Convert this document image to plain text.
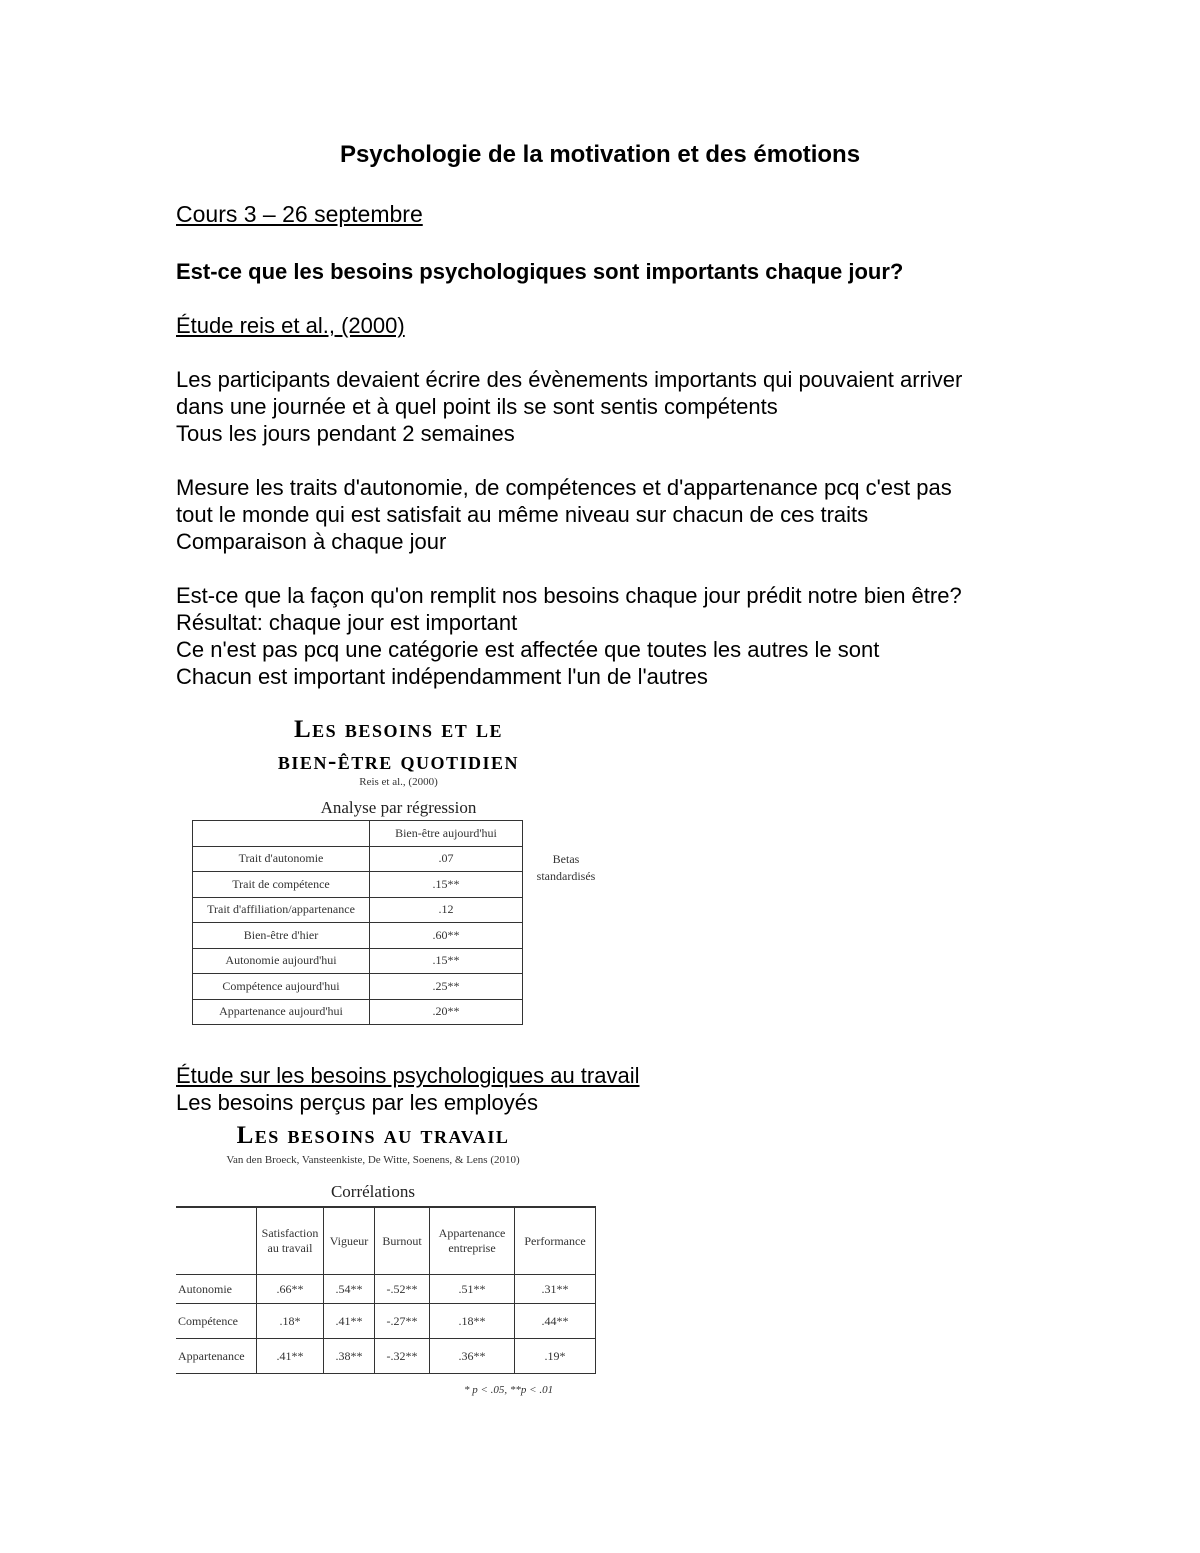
Psychologie de la motivation et des émotions
Cours 3 – 26 septembre
Est-ce que les besoins psychologiques sont importants chaque jour?
Étude reis et al., (2000)
Les participants devaient écrire des évènements importants qui pouvaient arriver
dans une journée et à quel point ils se sont sentis compétents
Tous les jours pendant 2 semaines
Mesure les traits d'autonomie, de compétences et d'appartenance pcq c'est pas
tout le monde qui est satisfait au même niveau sur chacun de ces traits
Comparaison à chaque jour
Est-ce que la façon qu'on remplit nos besoins chaque jour prédit notre bien être?
Résultat: chaque jour est important
Ce n'est pas pcq une catégorie est affectée que toutes les autres le sont
Chacun est important indépendamment l'un de l'autres
Les besoins et le
bien-être quotidien
Reis et al., (2000)
Analyse par régression
	Bien-être aujourd'hui
Trait d'autonomie	.07
Trait de compétence	.15**
Trait d'affiliation/appartenance	.12
Bien-être d'hier	.60**
Autonomie aujourd'hui	.15**
Compétence aujourd'hui	.25**
Appartenance aujourd'hui	.20**
Betas
standardisés
Étude sur les besoins psychologiques au travail
Les besoins perçus par les employés
Les besoins au travail
Van den Broeck, Vansteenkiste, De Witte, Soenens, & Lens (2010)
Corrélations
	Satisfaction au travail	Vigueur	Burnout	Appartenance entreprise	Performance
Autonomie	.66**	.54**	-.52**	.51**	.31**
Compétence	.18*	.41**	-.27**	.18**	.44**
Appartenance	.41**	.38**	-.32**	.36**	.19*
* p < .05, **p < .01
